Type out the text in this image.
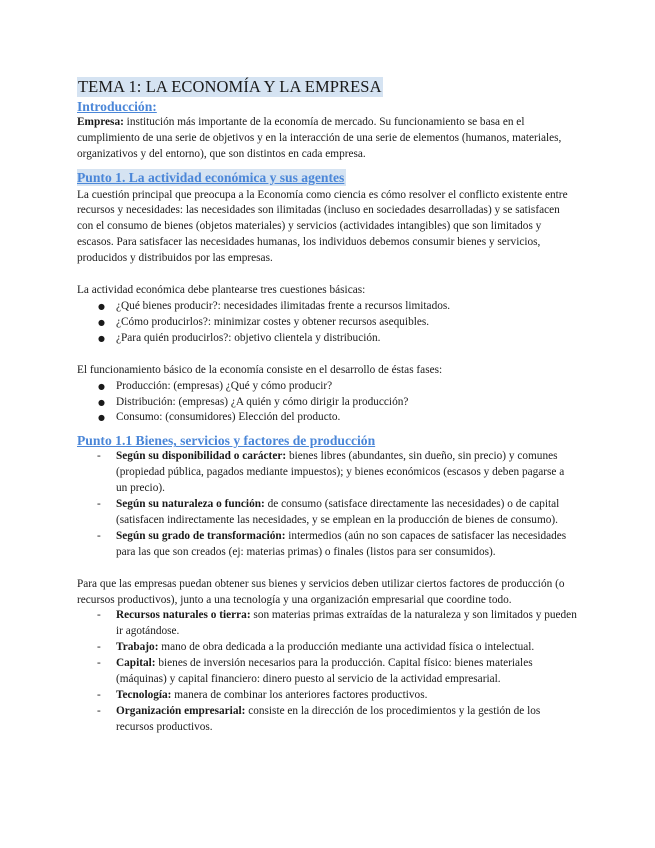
TEMA 1: LA ECONOMÍA Y LA EMPRESA
Introducción:

Empresa: institución más importante de la economía de mercado. Su funcionamiento se basa en el cumplimiento de una serie de objetivos y en la interacción de una serie de elementos (humanos, materiales, organizativos y del entorno), que son distintos en cada empresa.

Punto 1. La actividad económica y sus agentes

La cuestión principal que preocupa a la Economía como ciencia es cómo resolver el conflicto existente entre recursos y necesidades: las necesidades son ilimitadas (incluso en sociedades desarrolladas) y se satisfacen con el consumo de bienes (objetos materiales) y servicios (actividades intangibles) que son limitados y escasos. Para satisfacer las necesidades humanas, los individuos debemos consumir bienes y servicios, producidos y distribuidos por las empresas.

La actividad económica debe plantearse tres cuestiones básicas:

● ¿Qué bienes producir?: necesidades ilimitadas frente a recursos limitados.
● ¿Cómo producirlos?: minimizar costes y obtener recursos asequibles.
● ¿Para quién producirlos?: objetivo clientela y distribución.

El funcionamiento básico de la economía consiste en el desarrollo de éstas fases:

● Producción: (empresas) ¿Qué y cómo producir?
● Distribución: (empresas) ¿A quién y cómo dirigir la producción?
● Consumo: (consumidores) Elección del producto.
Punto 1.1 Bienes, servicios y factores de producción
- Según su disponibilidad o carácter: bienes libres (abundantes, sin dueño, sin precio) y comunes (propiedad pública, pagados mediante impuestos); y bienes económicos (escasos y deben pagarse a un precio).
- Según su naturaleza o función: de consumo (satisface directamente las necesidades) o de capital (satisfacen indirectamente las necesidades, y se emplean en la producción de bienes de consumo).
- Según su grado de transformación: intermedios (aún no son capaces de satisfacer las necesidades para las que son creados (ej: materias primas) o finales (listos para ser consumidos).

Para que las empresas puedan obtener sus bienes y servicios deben utilizar ciertos factores de producción (o recursos productivos), junto a una tecnología y una organización empresarial que coordine todo.

- Recursos naturales o tierra: son materias primas extraídas de la naturaleza y son limitados y pueden ir agotándose.
- Trabajo: mano de obra dedicada a la producción mediante una actividad física o intelectual.
- Capital: bienes de inversión necesarios para la producción. Capital físico: bienes materiales (máquinas) y capital financiero: dinero puesto al servicio de la actividad empresarial.
- Tecnología: manera de combinar los anteriores factores productivos.
- Organización empresarial: consiste en la dirección de los procedimientos y la gestión de los recursos productivos.
